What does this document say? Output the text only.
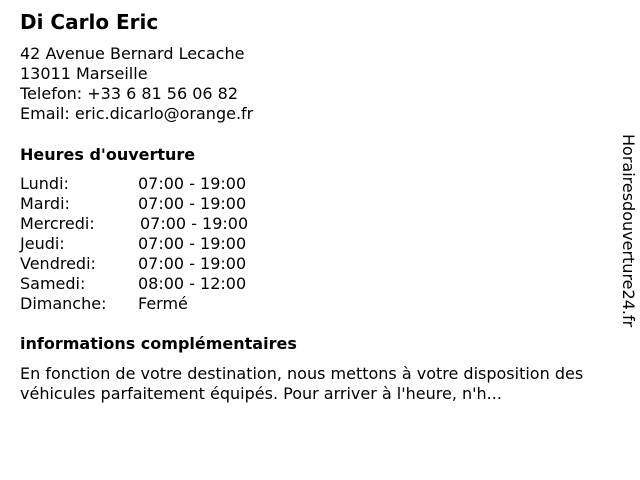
Di Carlo Eric
42 Avenue Bernard Lecache
13011 Marseille
Telefon: +33 6 81 56 06 82
Email: eric.dicarlo@orange.fr
Heures d'ouverture
Lundi:	07:00 - 19:00
Mardi:	07:00 - 19:00
Mercredi:	07:00 - 19:00
Jeudi:	07:00 - 19:00
Vendredi:	07:00 - 19:00
Samedi:	08:00 - 12:00
Dimanche: Fermé
informations complémentaires
En fonction de votre destination, nous mettons à votre disposition des
véhicules parfaitement équipés. Pour arriver à l'heure, n'h...
Horairesdouverture24.fr
